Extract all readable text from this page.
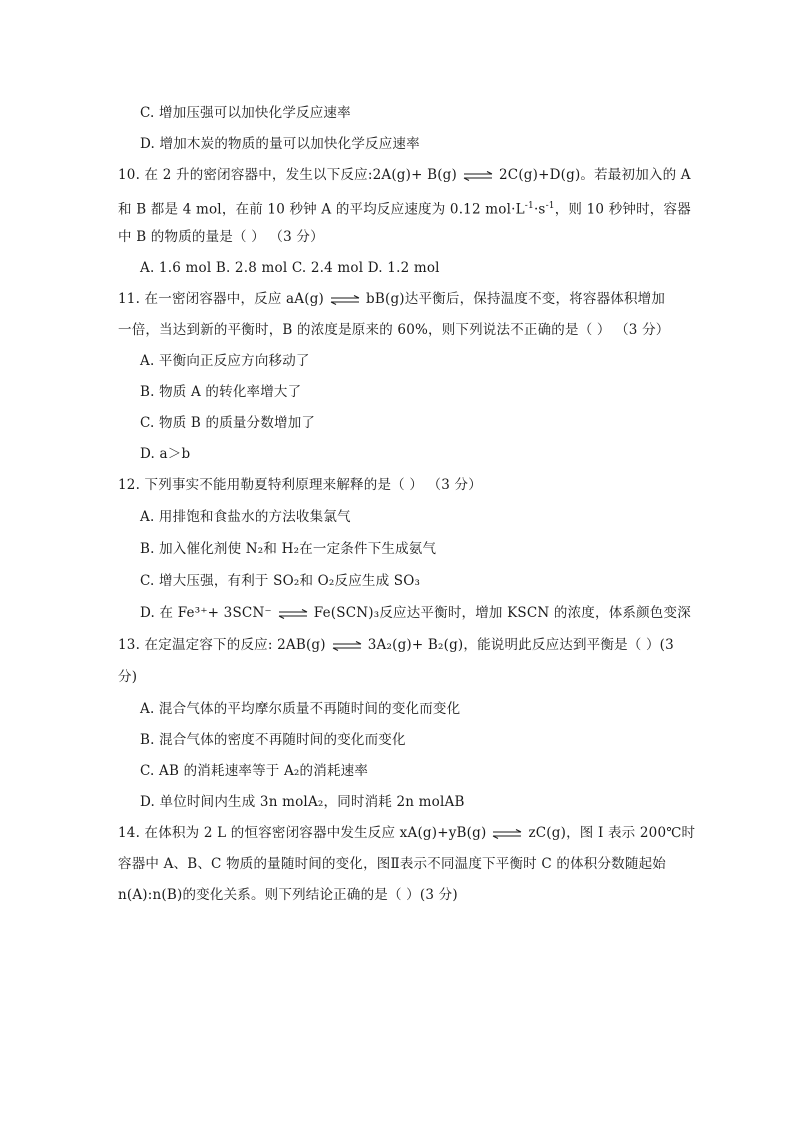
C. 增加压强可以加快化学反应速率
D. 增加木炭的物质的量可以加快化学反应速率
10. 在 2 升的密闭容器中，发生以下反应:2A(g)+ B(g) ⇌ 2C(g)+D(g)。若最初加入的 A
和 B 都是 4 mol，在前 10 秒钟 A 的平均反应速度为 0.12 $mol\cdot L^{-1}\cdot s^{-1}$，则 10 秒钟时，容器
中 B 的物质的量是（ ） （3 分）
A. 1.6 mol B. 2.8 mol C. 2.4 mol D. 1.2 mol
11. 在一密闭容器中，反应 aA(g) ⇌ bB(g)达平衡后，保持温度不变，将容器体积增加
一倍，当达到新的平衡时，B 的浓度是原来的 60%，则下列说法不正确的是（ ） （3 分）
A. 平衡向正反应方向移动了
B. 物质 A 的转化率增大了
C. 物质 B 的质量分数增加了
D. a＞b
12. 下列事实不能用勒夏特利原理来解释的是（ ） （3 分）
A. 用排饱和食盐水的方法收集氯气
B. 加入催化剂使 N₂和 H₂在一定条件下生成氨气
C. 增大压强，有利于 SO₂和 O₂反应生成 SO₃
D. 在 Fe³⁺+ 3SCN⁻ ⇌ Fe(SCN)₃反应达平衡时，增加 KSCN 的浓度，体系颜色变深
13. 在定温定容下的反应: 2AB(g) ⇌ 3A₂(g)+ B₂(g)，能说明此反应达到平衡是（ ）(3
分)
A. 混合气体的平均摩尔质量不再随时间的变化而变化
B. 混合气体的密度不再随时间的变化而变化
C. AB 的消耗速率等于 A₂的消耗速率
D. 单位时间内生成 3n molA₂，同时消耗 2n molAB
14. 在体积为 2 L 的恒容密闭容器中发生反应 xA(g)+yB(g) ⇌ zC(g)，图 I 表示 200℃时
容器中 A、B、C 物质的量随时间的变化，图Ⅱ表示不同温度下平衡时 C 的体积分数随起始
n(A):n(B)的变化关系。则下列结论正确的是（ ）(3 分)
